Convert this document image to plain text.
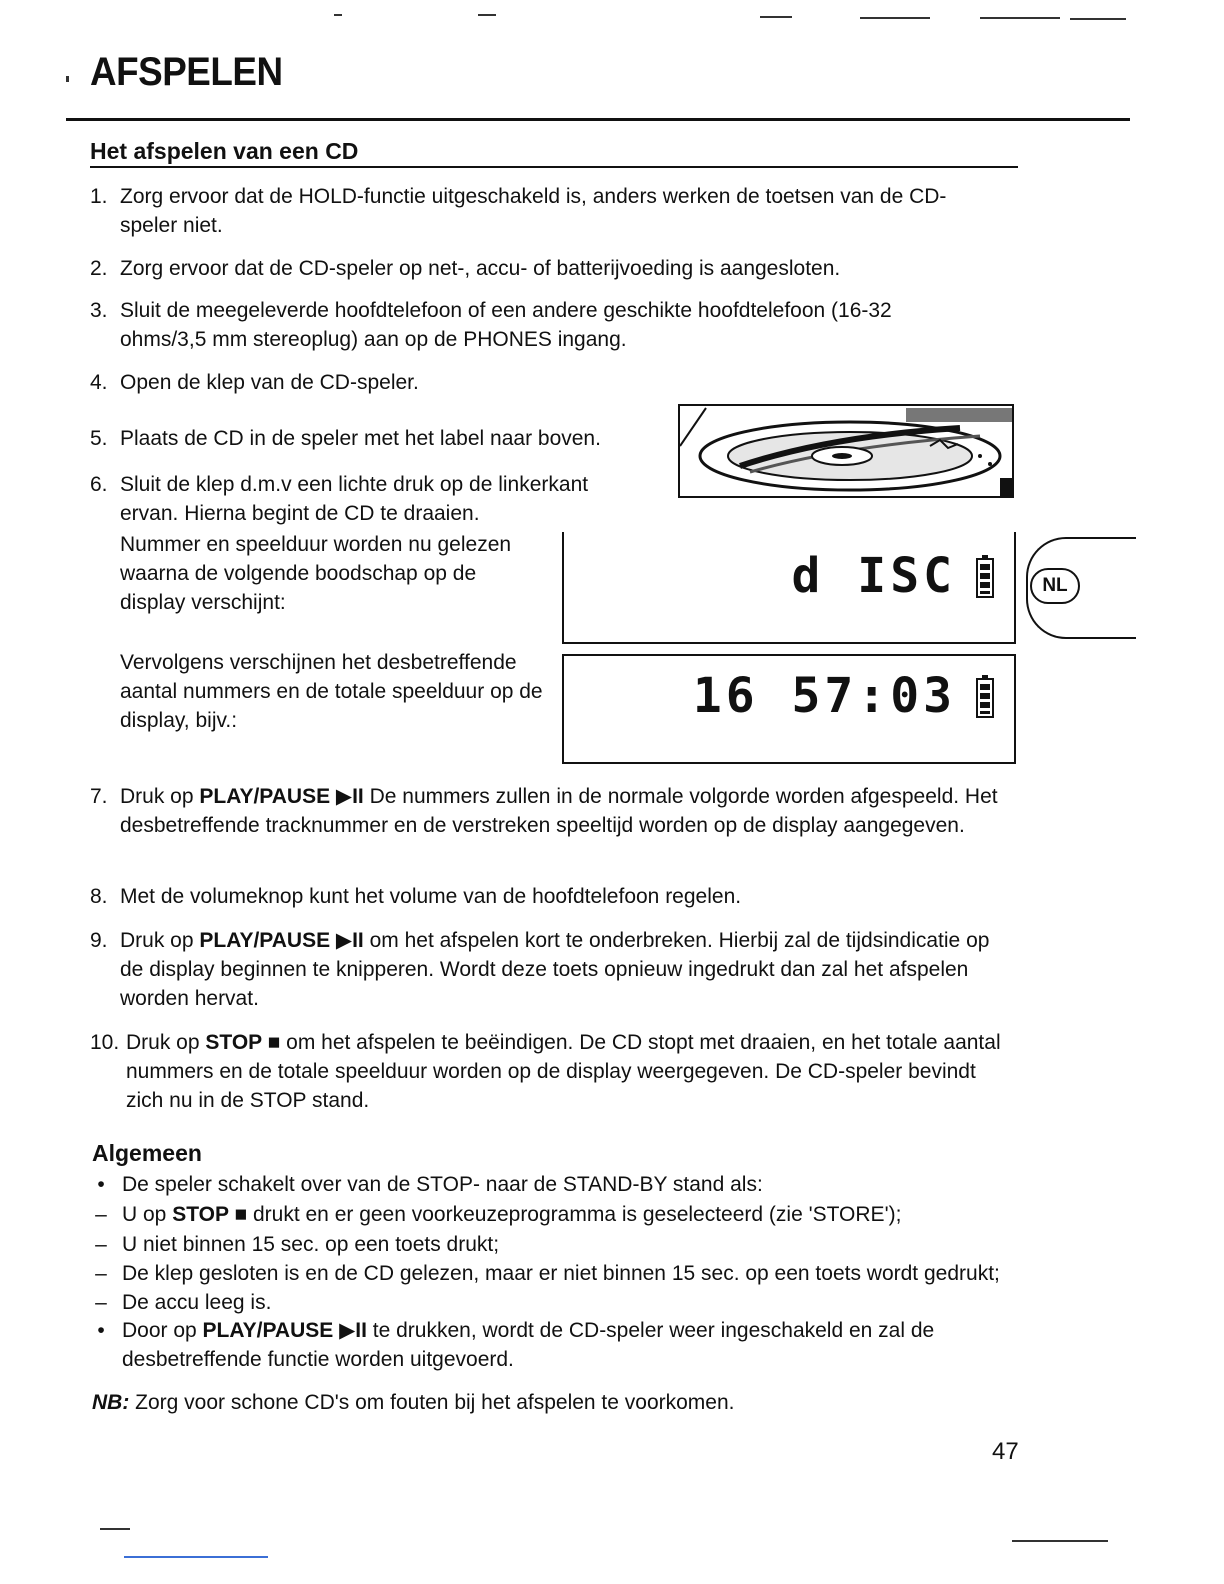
AFSPELEN
Het afspelen van een CD
1. Zorg ervoor dat de HOLD-functie uitgeschakeld is, anders werken de toetsen van de CD-speler niet.
2. Zorg ervoor dat de CD-speler op net-, accu- of batterijvoeding is aangesloten.
3. Sluit de meegeleverde hoofdtelefoon of een andere geschikte hoofdtelefoon (16-32 ohms/3,5 mm stereoplug) aan op de PHONES ingang.
4. Open de klep van de CD-speler.
5. Plaats de CD in de speler met het label naar boven.
6. Sluit de klep d.m.v een lichte druk op de linkerkant ervan. Hierna begint de CD te draaien.
Nummer en speelduur worden nu gelezen waarna de volgende boodschap op de display verschijnt:
Vervolgens verschijnen het desbetreffende aantal nummers en de totale speelduur op de display, bijv.:
d ISC
16 57:03
NL
7. Druk op PLAY/PAUSE ▶II De nummers zullen in de normale volgorde worden afgespeeld. Het desbetreffende tracknummer en de verstreken speeltijd worden op de display aangegeven.
8. Met de volumeknop kunt het volume van de hoofdtelefoon regelen.
9. Druk op PLAY/PAUSE ▶II om het afspelen kort te onderbreken. Hierbij zal de tijdsindicatie op de display beginnen te knipperen. Wordt deze toets opnieuw ingedrukt dan zal het afspelen worden hervat.
10. Druk op STOP ■ om het afspelen te beëindigen. De CD stopt met draaien, en het totale aantal nummers en de totale speelduur worden op de display weergegeven. De CD-speler bevindt zich nu in de STOP stand.
Algemeen
• De speler schakelt over van de STOP- naar de STAND-BY stand als:
– U op STOP ■ drukt en er geen voorkeuzeprogramma is geselecteerd (zie 'STORE');
– U niet binnen 15 sec. op een toets drukt;
– De klep gesloten is en de CD gelezen, maar er niet binnen 15 sec. op een toets wordt gedrukt;
– De accu leeg is.
• Door op PLAY/PAUSE ▶II te drukken, wordt de CD-speler weer ingeschakeld en zal de desbetreffende functie worden uitgevoerd.
NB: Zorg voor schone CD's om fouten bij het afspelen te voorkomen.
47
